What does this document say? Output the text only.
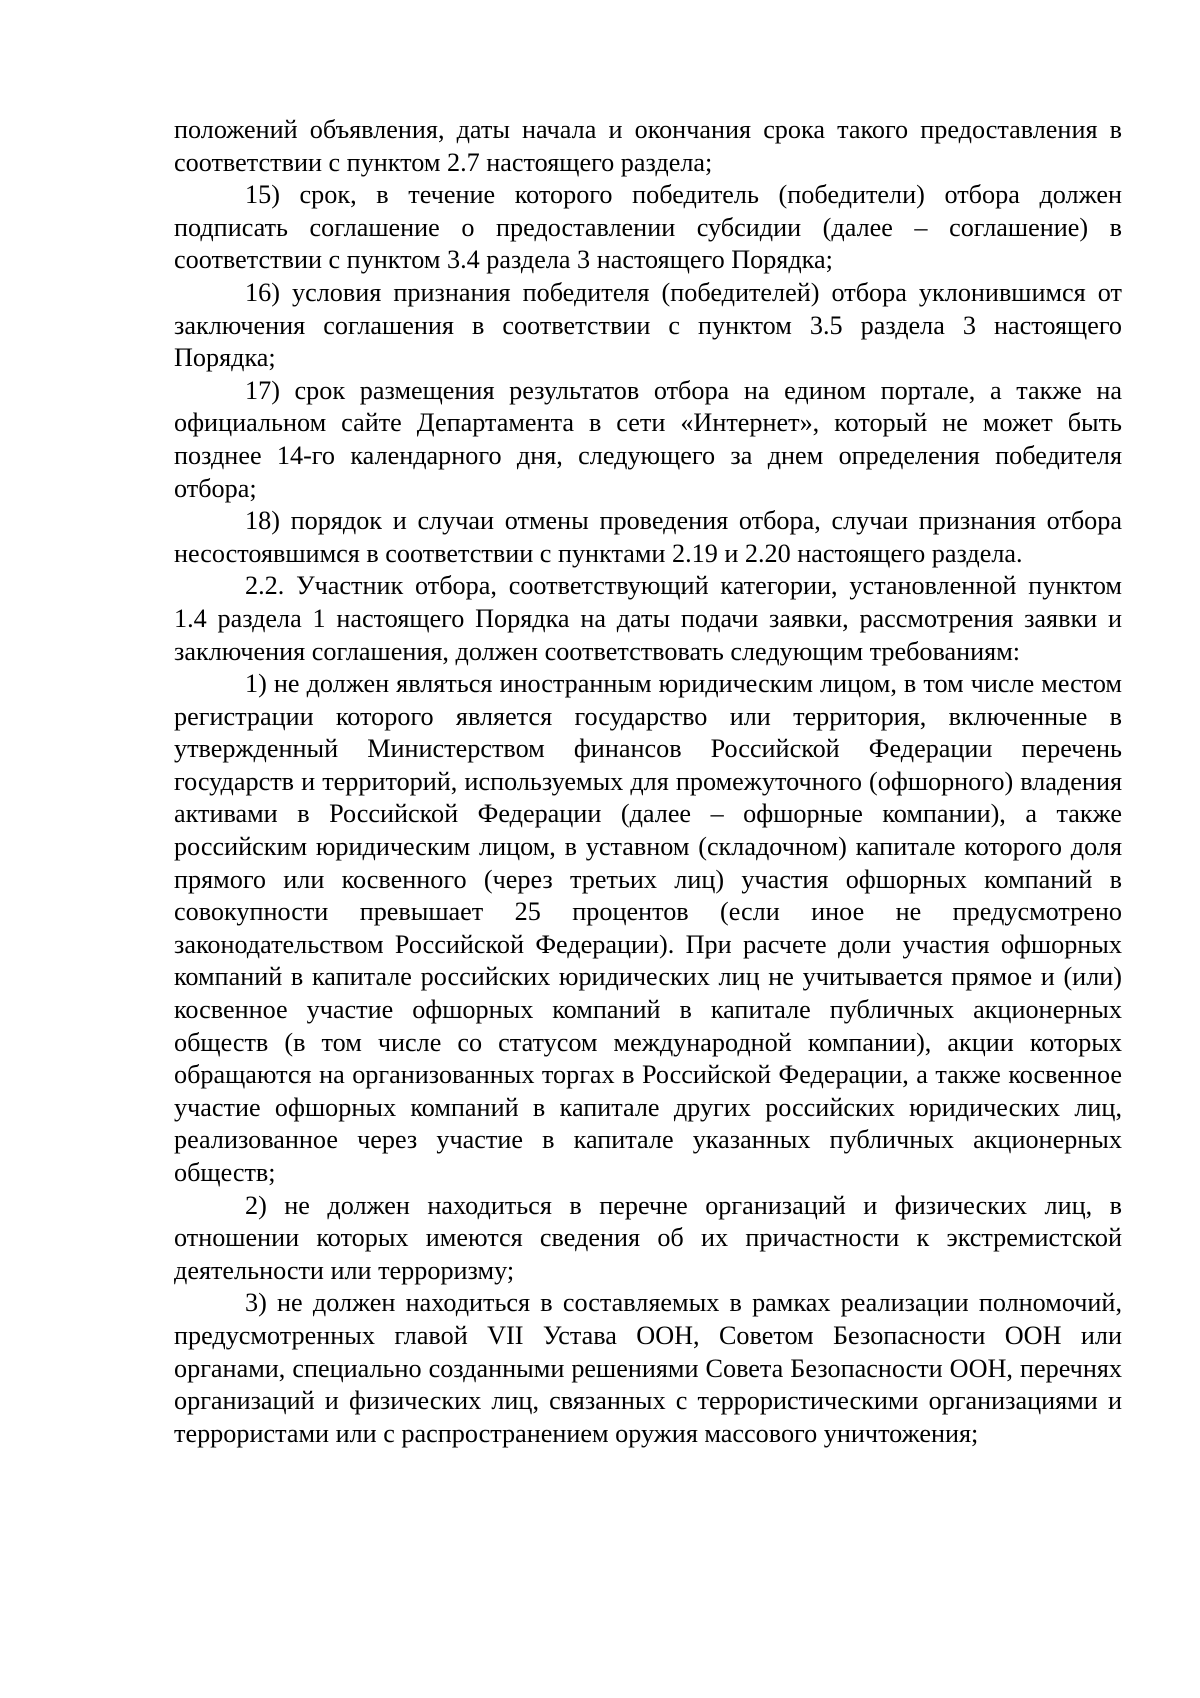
положений объявления, даты начала и окончания срока такого предоставления в соответствии с пунктом 2.7 настоящего раздела;

15) срок, в течение которого победитель (победители) отбора должен подписать соглашение о предоставлении субсидии (далее – соглашение) в соответствии с пунктом 3.4 раздела 3 настоящего Порядка;

16) условия признания победителя (победителей) отбора уклонившимся от заключения соглашения в соответствии с пунктом 3.5 раздела 3 настоящего Порядка;

17) срок размещения результатов отбора на едином портале, а также на официальном сайте Департамента в сети «Интернет», который не может быть позднее 14-го календарного дня, следующего за днем определения победителя отбора;

18) порядок и случаи отмены проведения отбора, случаи признания отбора несостоявшимся в соответствии с пунктами 2.19 и 2.20 настоящего раздела.

2.2. Участник отбора, соответствующий категории, установленной пунктом 1.4 раздела 1 настоящего Порядка на даты подачи заявки, рассмотрения заявки и заключения соглашения, должен соответствовать следующим требованиям:

1) не должен являться иностранным юридическим лицом, в том числе местом регистрации которого является государство или территория, включенные в утвержденный Министерством финансов Российской Федерации перечень государств и территорий, используемых для промежуточного (офшорного) владения активами в Российской Федерации (далее – офшорные компании), а также российским юридическим лицом, в уставном (складочном) капитале которого доля прямого или косвенного (через третьих лиц) участия офшорных компаний в совокупности превышает 25 процентов (если иное не предусмотрено законодательством Российской Федерации). При расчете доли участия офшорных компаний в капитале российских юридических лиц не учитывается прямое и (или) косвенное участие офшорных компаний в капитале публичных акционерных обществ (в том числе со статусом международной компании), акции которых обращаются на организованных торгах в Российской Федерации, а также косвенное участие офшорных компаний в капитале других российских юридических лиц, реализованное через участие в капитале указанных публичных акционерных обществ;

2) не должен находиться в перечне организаций и физических лиц, в отношении которых имеются сведения об их причастности к экстремистской деятельности или терроризму;

3) не должен находиться в составляемых в рамках реализации полномочий, предусмотренных главой VII Устава ООН, Советом Безопасности ООН или органами, специально созданными решениями Совета Безопасности ООН, перечнях организаций и физических лиц, связанных с террористическими организациями и террористами или с распространением оружия массового уничтожения;
